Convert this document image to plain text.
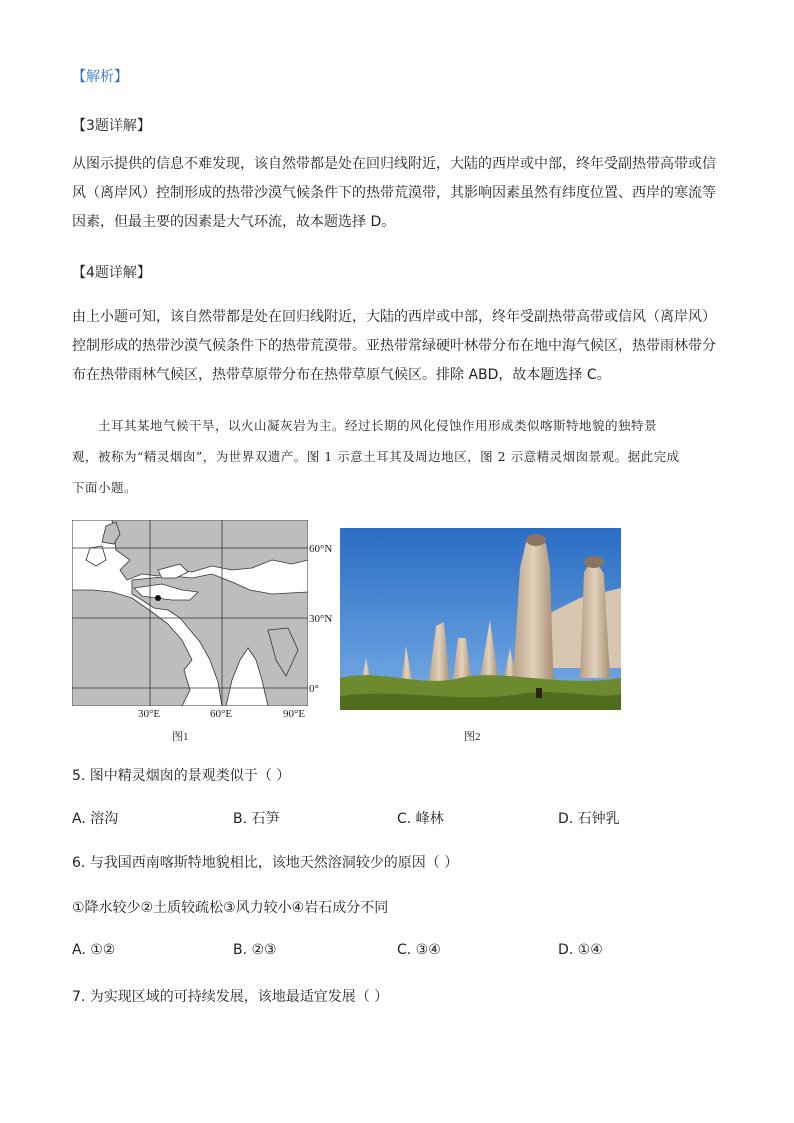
【解析】
【3题详解】
从图示提供的信息不难发现，该自然带都是处在回归线附近，大陆的西岸或中部，终年受副热带高带或信
风（离岸风）控制形成的热带沙漠气候条件下的热带荒漠带，其影响因素虽然有纬度位置、西岸的寒流等
因素，但最主要的因素是大气环流，故本题选择 D。
【4题详解】
由上小题可知，该自然带都是处在回归线附近，大陆的西岸或中部，终年受副热带高带或信风（离岸风）
控制形成的热带沙漠气候条件下的热带荒漠带。亚热带常绿硬叶林带分布在地中海气候区，热带雨林带分
布在热带雨林气候区，热带草原带分布在热带草原气候区。排除 ABD，故本题选择 C。
土耳其某地气候干旱，以火山凝灰岩为主。经过长期的风化侵蚀作用形成类似喀斯特地貌的独特景
观，被称为“精灵烟囱”，为世界双遗产。图 1 示意土耳其及周边地区，图 2 示意精灵烟囱景观。据此完成
下面小题。
60°N
30°N
0°
30°E	60°E	90°E
图1	图2
5. 图中精灵烟囱的景观类似于（ ）
A. 溶沟	B. 石笋	C. 峰林	D. 石钟乳
6. 与我国西南喀斯特地貌相比，该地天然溶洞较少的原因（ ）
①降水较少②土质较疏松③风力较小④岩石成分不同
A. ①②	B. ②③	C. ③④	D. ①④
7. 为实现区域的可持续发展，该地最适宜发展（ ）
